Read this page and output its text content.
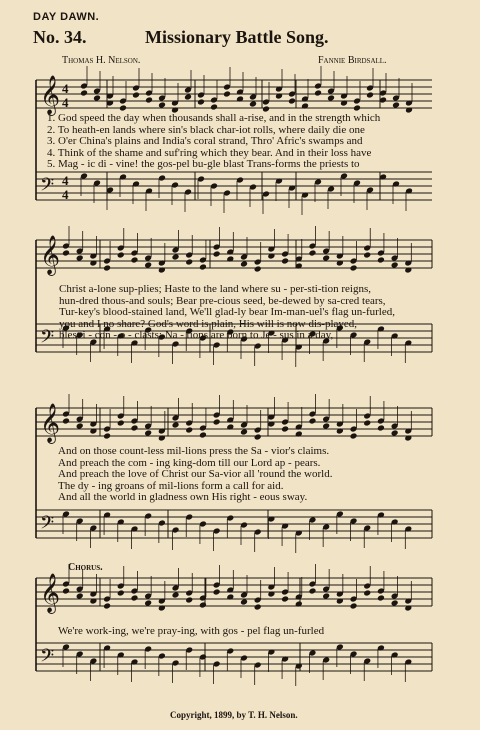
DAY DAWN.
No. 34.	Missionary Battle Song.
Thomas H. Nelson.	Fannie Birdsall.
𝄞 4
4
𝄢 4
4
𝄞
𝄢
𝄞
𝄢
𝄞
𝄢
1. God speed the day when thousands shall a-rise, and in the strength which
2. To heath-en lands where sin's black char-iot rolls, where daily die one
3. O'er China's plains and India's coral strand, Thro' Afric's swamps and
4. Think of the shame and suf'ring which they bear. And in their loss have
5. Mag - ic di - vine! the gos-pel bu-gle blast Trans-forms the priests to
Christ a-lone sup-plies; Haste to the land where su - per-sti-tion reigns,
hun-dred thous-and souls; Bear pre-cious seed, be-dewed by sa-cred tears,
Tur-key's blood-stained land, We'll glad-ly bear Im-man-uel's flag un-furled,
you and I no share? God's word is plain, His will is now dis-played,
blest i - con - o - clasts; Na - tions are born to Je - sus in a day,
And on those count-less mil-lions press the Sa - vior's claims.
And preach the com - ing king-dom till our Lord ap - pears.
And preach the love of Christ our Sa-vior all 'round the world.
The dy - ing groans of mil-lions form a call for aid.
And all the world in gladness own His right - eous sway.
Chorus.
We're work-ing, we're pray-ing, with gos - pel flag un-furled
Copyright, 1899, by T. H. Nelson.
